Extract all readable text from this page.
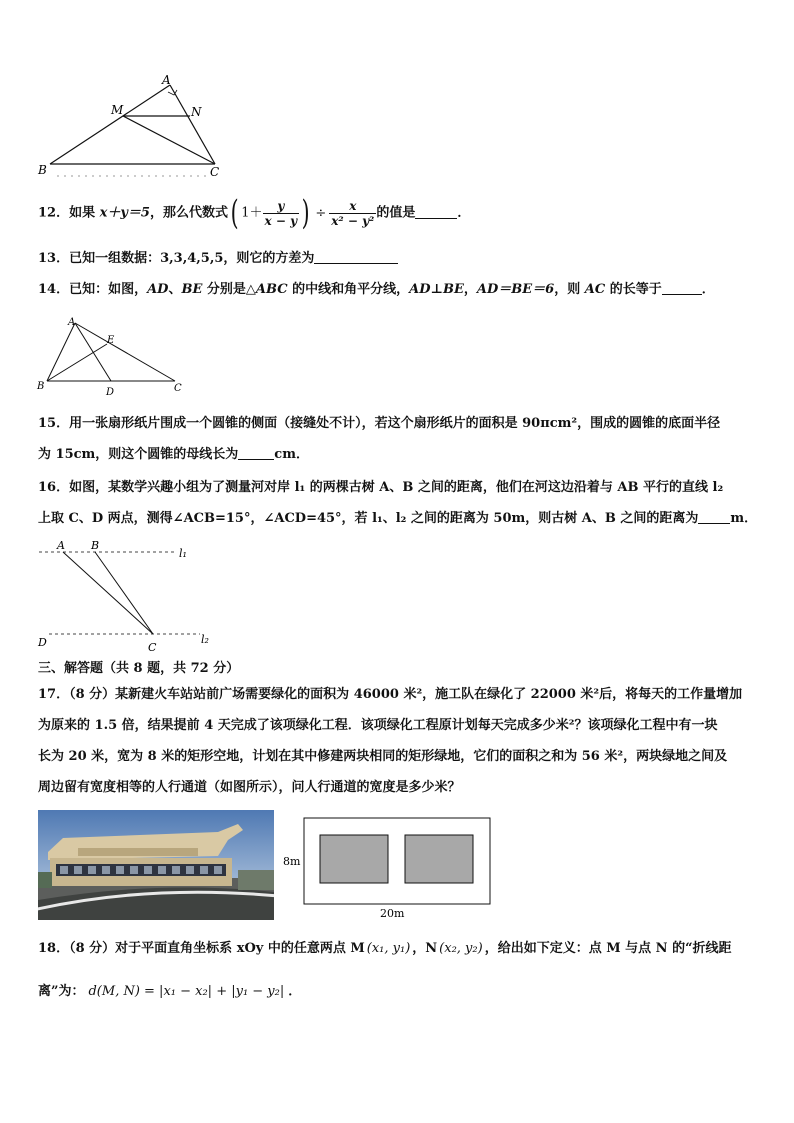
A
M	N
B	C
12．如果 x＋y＝5，那么代数式( $1+ \frac{y}{x - y}$ ) ÷ $\frac{x}{\text{x² − y²}}$ 的值是	．
13．已知一组数据：3,3,4,5,5，则它的方差为
14．已知：如图，AD、BE 分别是△ABC 的中线和角平分线，AD⊥BE，AD＝BE＝6，则 AC 的长等于	．
A
E
B
D	C
15．用一张扇形纸片围成一个圆锥的侧面（接缝处不计），若这个扇形纸片的面积是 90πcm²，围成的圆锥的底面半径
为 15cm，则这个圆锥的母线长为	cm．
16．如图，某数学兴趣小组为了测量河对岸 l₁ 的两棵古树 A、B 之间的距离，他们在河这边沿着与 AB 平行的直线 l₂
上取 C、D 两点，测得∠ACB=15°，∠ACD=45°，若 l₁、l₂ 之间的距离为 50m，则古树 A、B 之间的距离为 m．
A B
l₁
D	C
l₂
三、解答题（共 8 题，共 72 分）
17．（8 分）某新建火车站站前广场需要绿化的面积为 46000 米²，施工队在绿化了 22000 米²后，将每天的工作量增加
为原来的 1.5 倍，结果提前 4 天完成了该项绿化工程．该项绿化工程原计划每天完成多少米²？该项绿化工程中有一块
长为 20 米，宽为 8 米的矩形空地，计划在其中修建两块相同的矩形绿地，它们的面积之和为 56 米²，两块绿地之间及
周边留有宽度相等的人行通道（如图所示），问人行通道的宽度是多少米？
8m
20m
18．（8 分）对于平面直角坐标系 xOy 中的任意两点 M (x₁, y₁) ，N (x₂, y₂) ，给出如下定义：点 M 与点 N 的“折线距
离”为： d(M, N) = |x₁ − x₂| + |y₁ − y₂| ．
